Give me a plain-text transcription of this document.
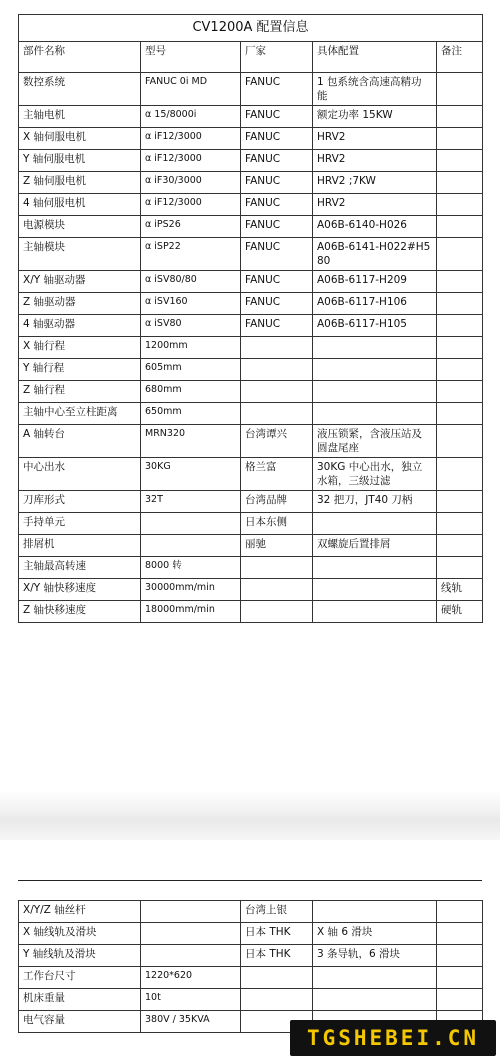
CV1200A 配置信息				
部件名称	型号	厂家	具体配置	备注
数控系统	FANUC 0i MD	FANUC	1 包系统含高速高精功能	
主轴电机	α 15/8000i	FANUC	额定功率 15KW	
X 轴伺服电机	α iF12/3000	FANUC	HRV2	
Y 轴伺服电机	α iF12/3000	FANUC	HRV2	
Z 轴伺服电机	α iF30/3000	FANUC	HRV2 ;7KW	
4 轴伺服电机	α iF12/3000	FANUC	HRV2	
电源模块	α iPS26	FANUC	A06B-6140-H026	
主轴模块	α iSP22	FANUC	A06B-6141-H022#H580	
X/Y 轴驱动器	α iSV80/80	FANUC	A06B-6117-H209	
Z 轴驱动器	α iSV160	FANUC	A06B-6117-H106	
4 轴驱动器	α iSV80	FANUC	A06B-6117-H105	
X 轴行程	1200mm			
Y 轴行程	605mm			
Z 轴行程	680mm			
主轴中心至立柱距离	650mm			
A 轴转台	MRN320	台湾谭兴	液压锁紧，含液压站及圆盘尾座	
中心出水	30KG	格兰富	30KG 中心出水，独立水箱，三级过滤	
刀库形式	32T	台湾品牌	32 把刀，JT40 刀柄	
手持单元		日本东侧		
排屑机		丽驰	双螺旋后置排屑	
主轴最高转速	8000 转			
X/Y 轴快移速度	30000mm/min			线轨
Z 轴快移速度	18000mm/min			硬轨
X/Y/Z 轴丝杆		台湾上银		
X 轴线轨及滑块		日本 THK	X 轴 6 滑块	
Y 轴线轨及滑块		日本 THK	3 条导轨，6 滑块	
工作台尺寸	1220*620			
机床重量	10t			
电气容量	380V / 35KVA			
TGSHEBEI.CN
